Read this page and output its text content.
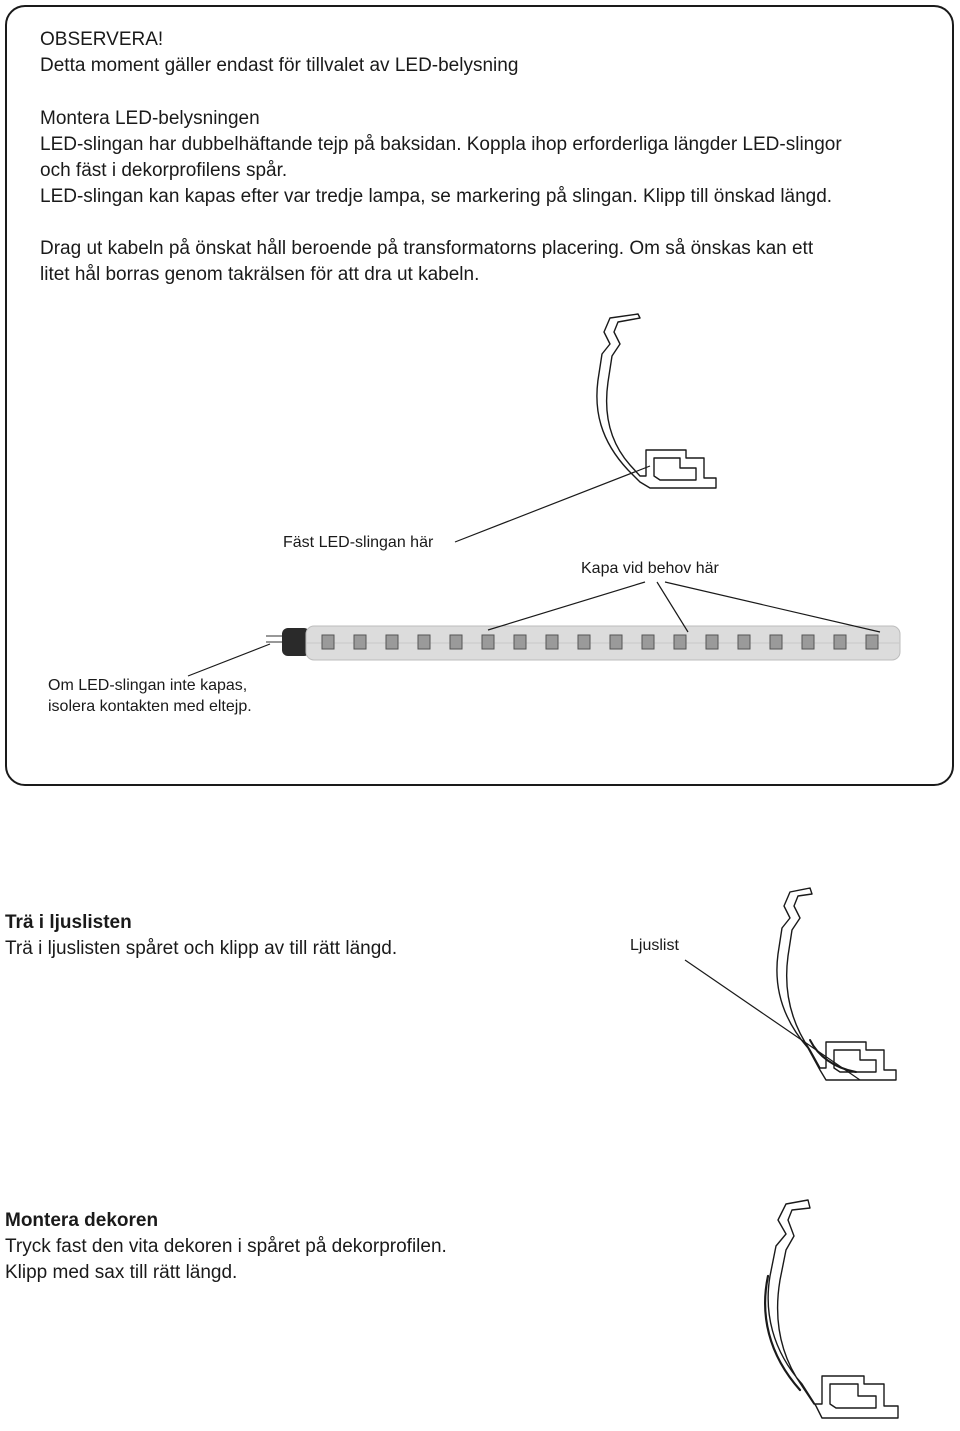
OBSERVERA!

Detta moment gäller endast för tillvalet av LED-belysning

Montera LED-belysningen

LED-slingan har dubbelhäftande tejp på baksidan. Koppla ihop erforderliga längder LED-slingor

och fäst i dekorprofilens spår.

LED-slingan kan kapas efter var tredje lampa, se markering på slingan. Klipp till önskad längd.

Drag ut kabeln på önskat håll beroende på transformatorns placering. Om så önskas kan ett

litet hål borras genom takrälsen för att dra ut kabeln.

Fäst LED-slingan här
Kapa vid behov här
Om LED-slingan inte kapas,
isolera kontakten med eltejp.

Trä i ljuslisten

Trä i ljuslisten spåret och klipp av till rätt längd.	Ljuslist

Montera dekoren

Tryck fast den vita dekoren i spåret på dekorprofilen.

Klipp med sax till rätt längd.
